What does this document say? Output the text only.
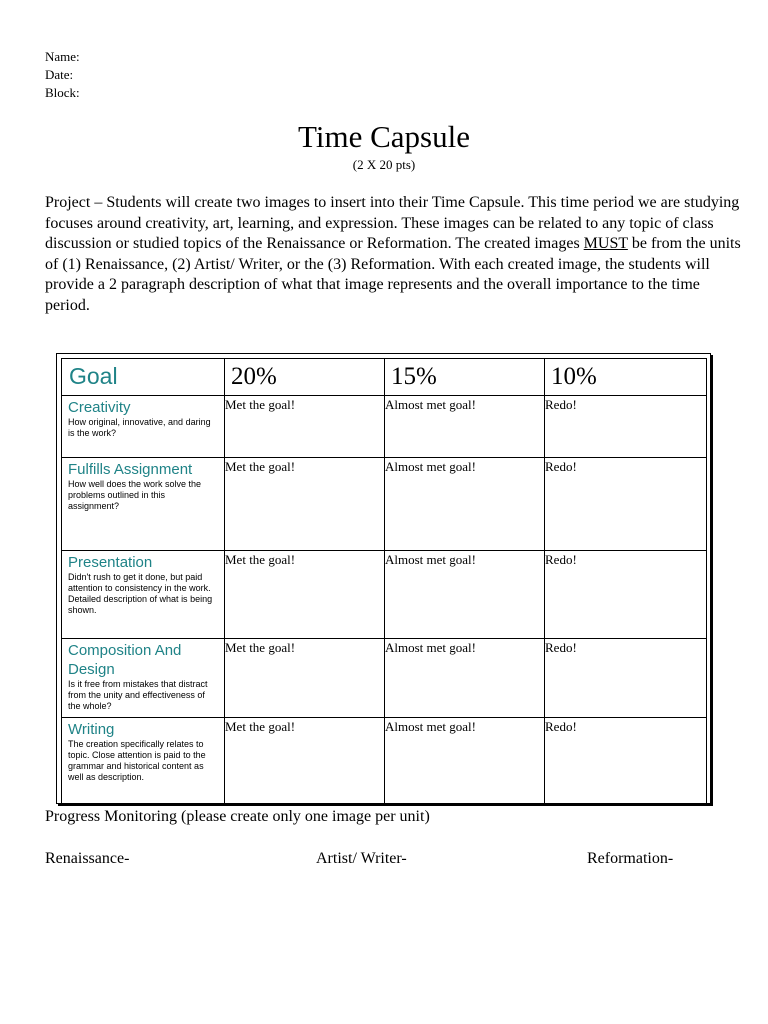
Name:
Date:
Block:
Time Capsule
(2 X 20 pts)
Project – Students will create two images to insert into their Time Capsule. This time period we are studying focuses around creativity, art, learning, and expression. These images can be related to any topic of class discussion or studied topics of the Renaissance or Reformation. The created images MUST be from the units of (1) Renaissance, (2) Artist/ Writer, or the (3) Reformation. With each created image, the students will provide a 2 paragraph description of what that image represents and the overall importance to the time period.
Goal	20%	15%	10%

Creativity
How original, innovative, and daring is the work?	Met the goal!	Almost met goal!	Redo!

Fulfills Assignment
How well does the work solve the problems outlined in this assignment?	Met the goal!	Almost met goal!	Redo!

Presentation
Didn't rush to get it done, but paid attention to consistency in the work. Detailed description of what is being shown.	Met the goal!	Almost met goal!	Redo!

Composition And Design
Is it free from mistakes that distract from the unity and effectiveness of the whole?	Met the goal!	Almost met goal!	Redo!

Writing
The creation specifically relates to topic. Close attention is paid to the grammar and historical content as well as description.	Met the goal!	Almost met goal!	Redo!
Progress Monitoring (please create only one image per unit)
Renaissance-	Artist/ Writer-	Reformation-
